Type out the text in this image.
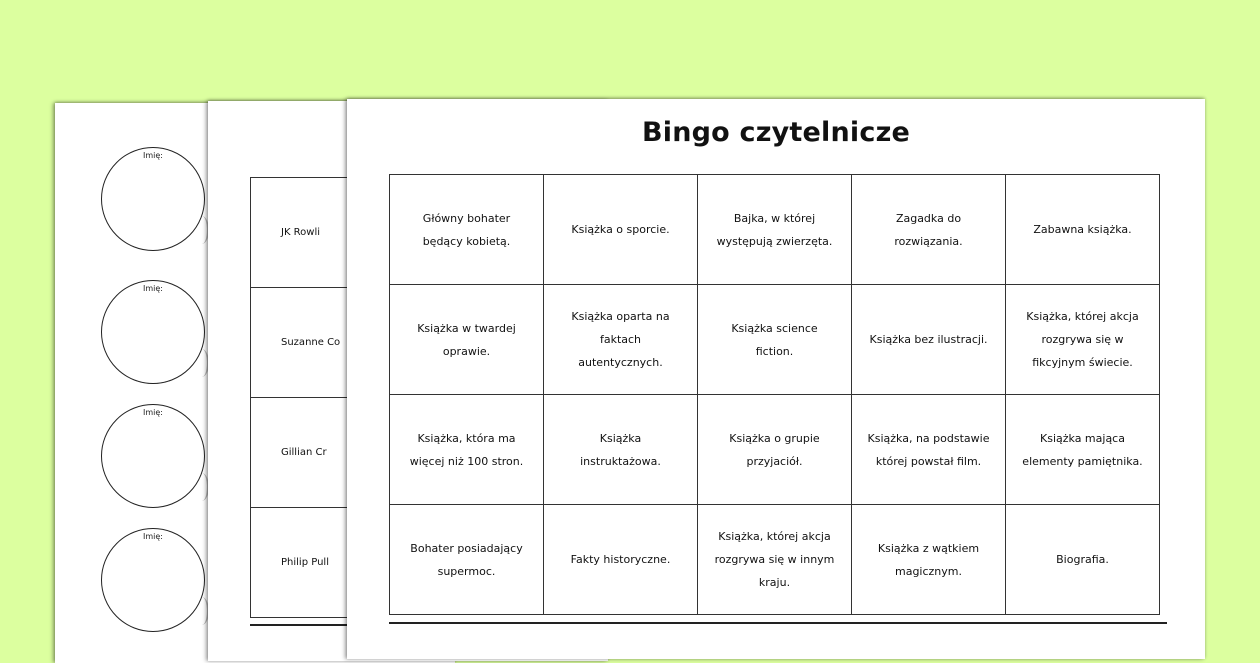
Imię:
Imię:
Imię:
Imię:
JK Rowli
Suzanne Co
Gillian Cr
Philip Pull
Bingo czytelnicze
Główny bohater będący kobietą.	Książka o sporcie.	Bajka, w której występują zwierzęta.	Zagadka do rozwiązania.	Zabawna książka.
Książka w twardej oprawie.	Książka oparta na faktach autentycznych.	Książka science fiction.	Książka bez ilustracji.	Książka, której akcja rozgrywa się w fikcyjnym świecie.
Książka, która ma więcej niż 100 stron.	Książka instruktażowa.	Książka o grupie przyjaciół.	Książka, na podstawie której powstał film.	Książka mająca elementy pamiętnika.
Bohater posiadający supermoc.	Fakty historyczne.	Książka, której akcja rozgrywa się w innym kraju.	Książka z wątkiem magicznym.	Biografia.
